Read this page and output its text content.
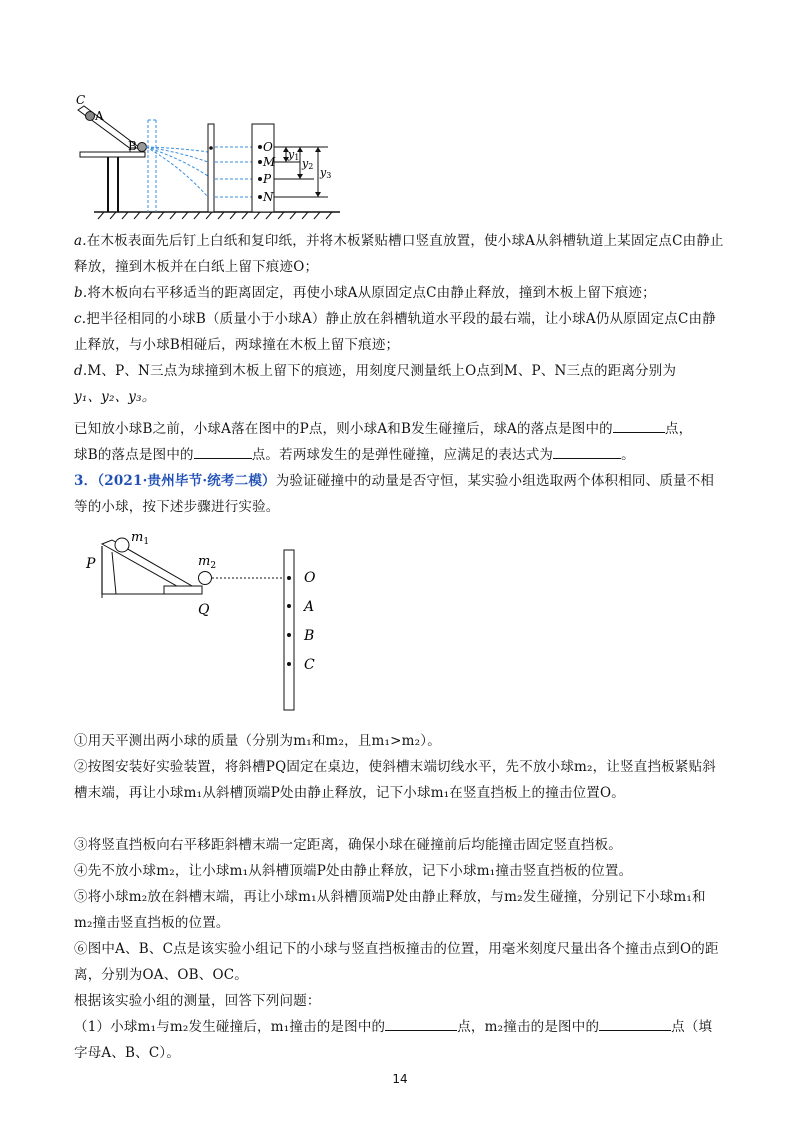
C
A
B	O
M
P
N
y1 y2 y3
a.在木板表面先后钉上白纸和复印纸，并将木板紧贴槽口竖直放置，使小球A从斜槽轨道上某固定点C由静止释放，撞到木板并在白纸上留下痕迹O；
b.将木板向右平移适当的距离固定，再使小球A从原固定点C由静止释放，撞到木板上留下痕迹；
c.把半径相同的小球B（质量小于小球A）静止放在斜槽轨道水平段的最右端，让小球A仍从原固定点C由静止释放，与小球B相碰后，两球撞在木板上留下痕迹；
d.M、P、N三点为球撞到木板上留下的痕迹，用刻度尺测量纸上O点到M、P、N三点的距离分别为
y₁、y₂、y₃。
已知放小球B之前，小球A落在图中的P点，则小球A和B发生碰撞后，球A的落点是图中的	点，
球B的落点是图中的	点。若两球发生的是弹性碰撞，应满足的表达式为	。
3．（2021·贵州毕节·统考二模）为验证碰撞中的动量是否守恒，某实验小组选取两个体积相同、质量不相等的小球，按下述步骤进行实验。
$m_1$
$m_2$
P
Q
O
A
B
C
①用天平测出两小球的质量（分别为m₁和m₂，且m₁>m₂）。
②按图安装好实验装置，将斜槽PQ固定在桌边，使斜槽末端切线水平，先不放小球m₂，让竖直挡板紧贴斜槽末端，再让小球m₁从斜槽顶端P处由静止释放，记下小球m₁在竖直挡板上的撞击位置O。
③将竖直挡板向右平移距斜槽末端一定距离，确保小球在碰撞前后均能撞击固定竖直挡板。
④先不放小球m₂，让小球m₁从斜槽顶端P处由静止释放，记下小球m₁撞击竖直挡板的位置。
⑤将小球m₂放在斜槽末端，再让小球m₁从斜槽顶端P处由静止释放，与m₂发生碰撞，分别记下小球m₁和m₂撞击竖直挡板的位置。
⑥图中A、B、C点是该实验小组记下的小球与竖直挡板撞击的位置，用毫米刻度尺量出各个撞击点到O的距离，分别为OA、OB、OC。
根据该实验小组的测量，回答下列问题：
（1）小球m₁与m₂发生碰撞后，m₁撞击的是图中的	点，m₂撞击的是图中的	点（填字母A、B、C）。
14
